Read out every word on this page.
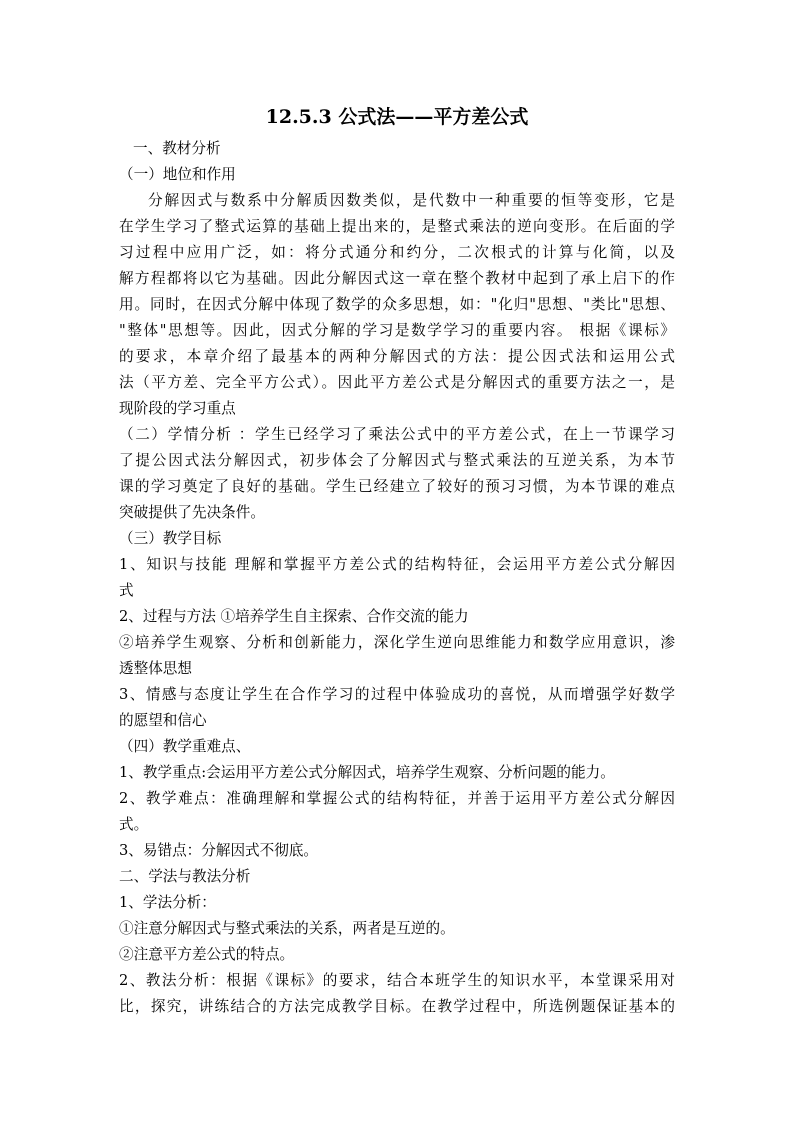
12.5.3 公式法——平方差公式

一、教材分析

（一）地位和作用

分解因式与数系中分解质因数类似，是代数中一种重要的恒等变形，它是

在学生学习了整式运算的基础上提出来的，是整式乘法的逆向变形。在后面的学

习过程中应用广泛，如：将分式通分和约分，二次根式的计算与化简，以及

解方程都将以它为基础。因此分解因式这一章在整个教材中起到了承上启下的作

用。同时，在因式分解中体现了数学的众多思想，如："化归"思想、"类比"思想、

"整体"思想等。因此，因式分解的学习是数学学习的重要内容。 根据《课标》

的要求，本章介绍了最基本的两种分解因式的方法：提公因式法和运用公式

法（平方差、完全平方公式）。因此平方差公式是分解因式的重要方法之一，是

现阶段的学习重点

（二）学情分析 ：学生已经学习了乘法公式中的平方差公式，在上一节课学习

了提公因式法分解因式，初步体会了分解因式与整式乘法的互逆关系，为本节

课的学习奠定了良好的基础。学生已经建立了较好的预习习惯，为本节课的难点

突破提供了先决条件。

（三）教学目标

1、知识与技能 理解和掌握平方差公式的结构特征，会运用平方差公式分解因

式

2、过程与方法 ①培养学生自主探索、合作交流的能力

②培养学生观察、分析和创新能力，深化学生逆向思维能力和数学应用意识，渗

透整体思想

3、情感与态度让学生在合作学习的过程中体验成功的喜悦，从而增强学好数学

的愿望和信心

（四）教学重难点、

1、教学重点:会运用平方差公式分解因式，培养学生观察、分析问题的能力。

2、教学难点：准确理解和掌握公式的结构特征，并善于运用平方差公式分解因

式。

3、易错点：分解因式不彻底。

二、学法与教法分析

1、学法分析：

①注意分解因式与整式乘法的关系，两者是互逆的。

②注意平方差公式的特点。

2、教法分析：根据《课标》的要求，结合本班学生的知识水平，本堂课采用对

比，探究，讲练结合的方法完成教学目标。在教学过程中，所选例题保证基本的
